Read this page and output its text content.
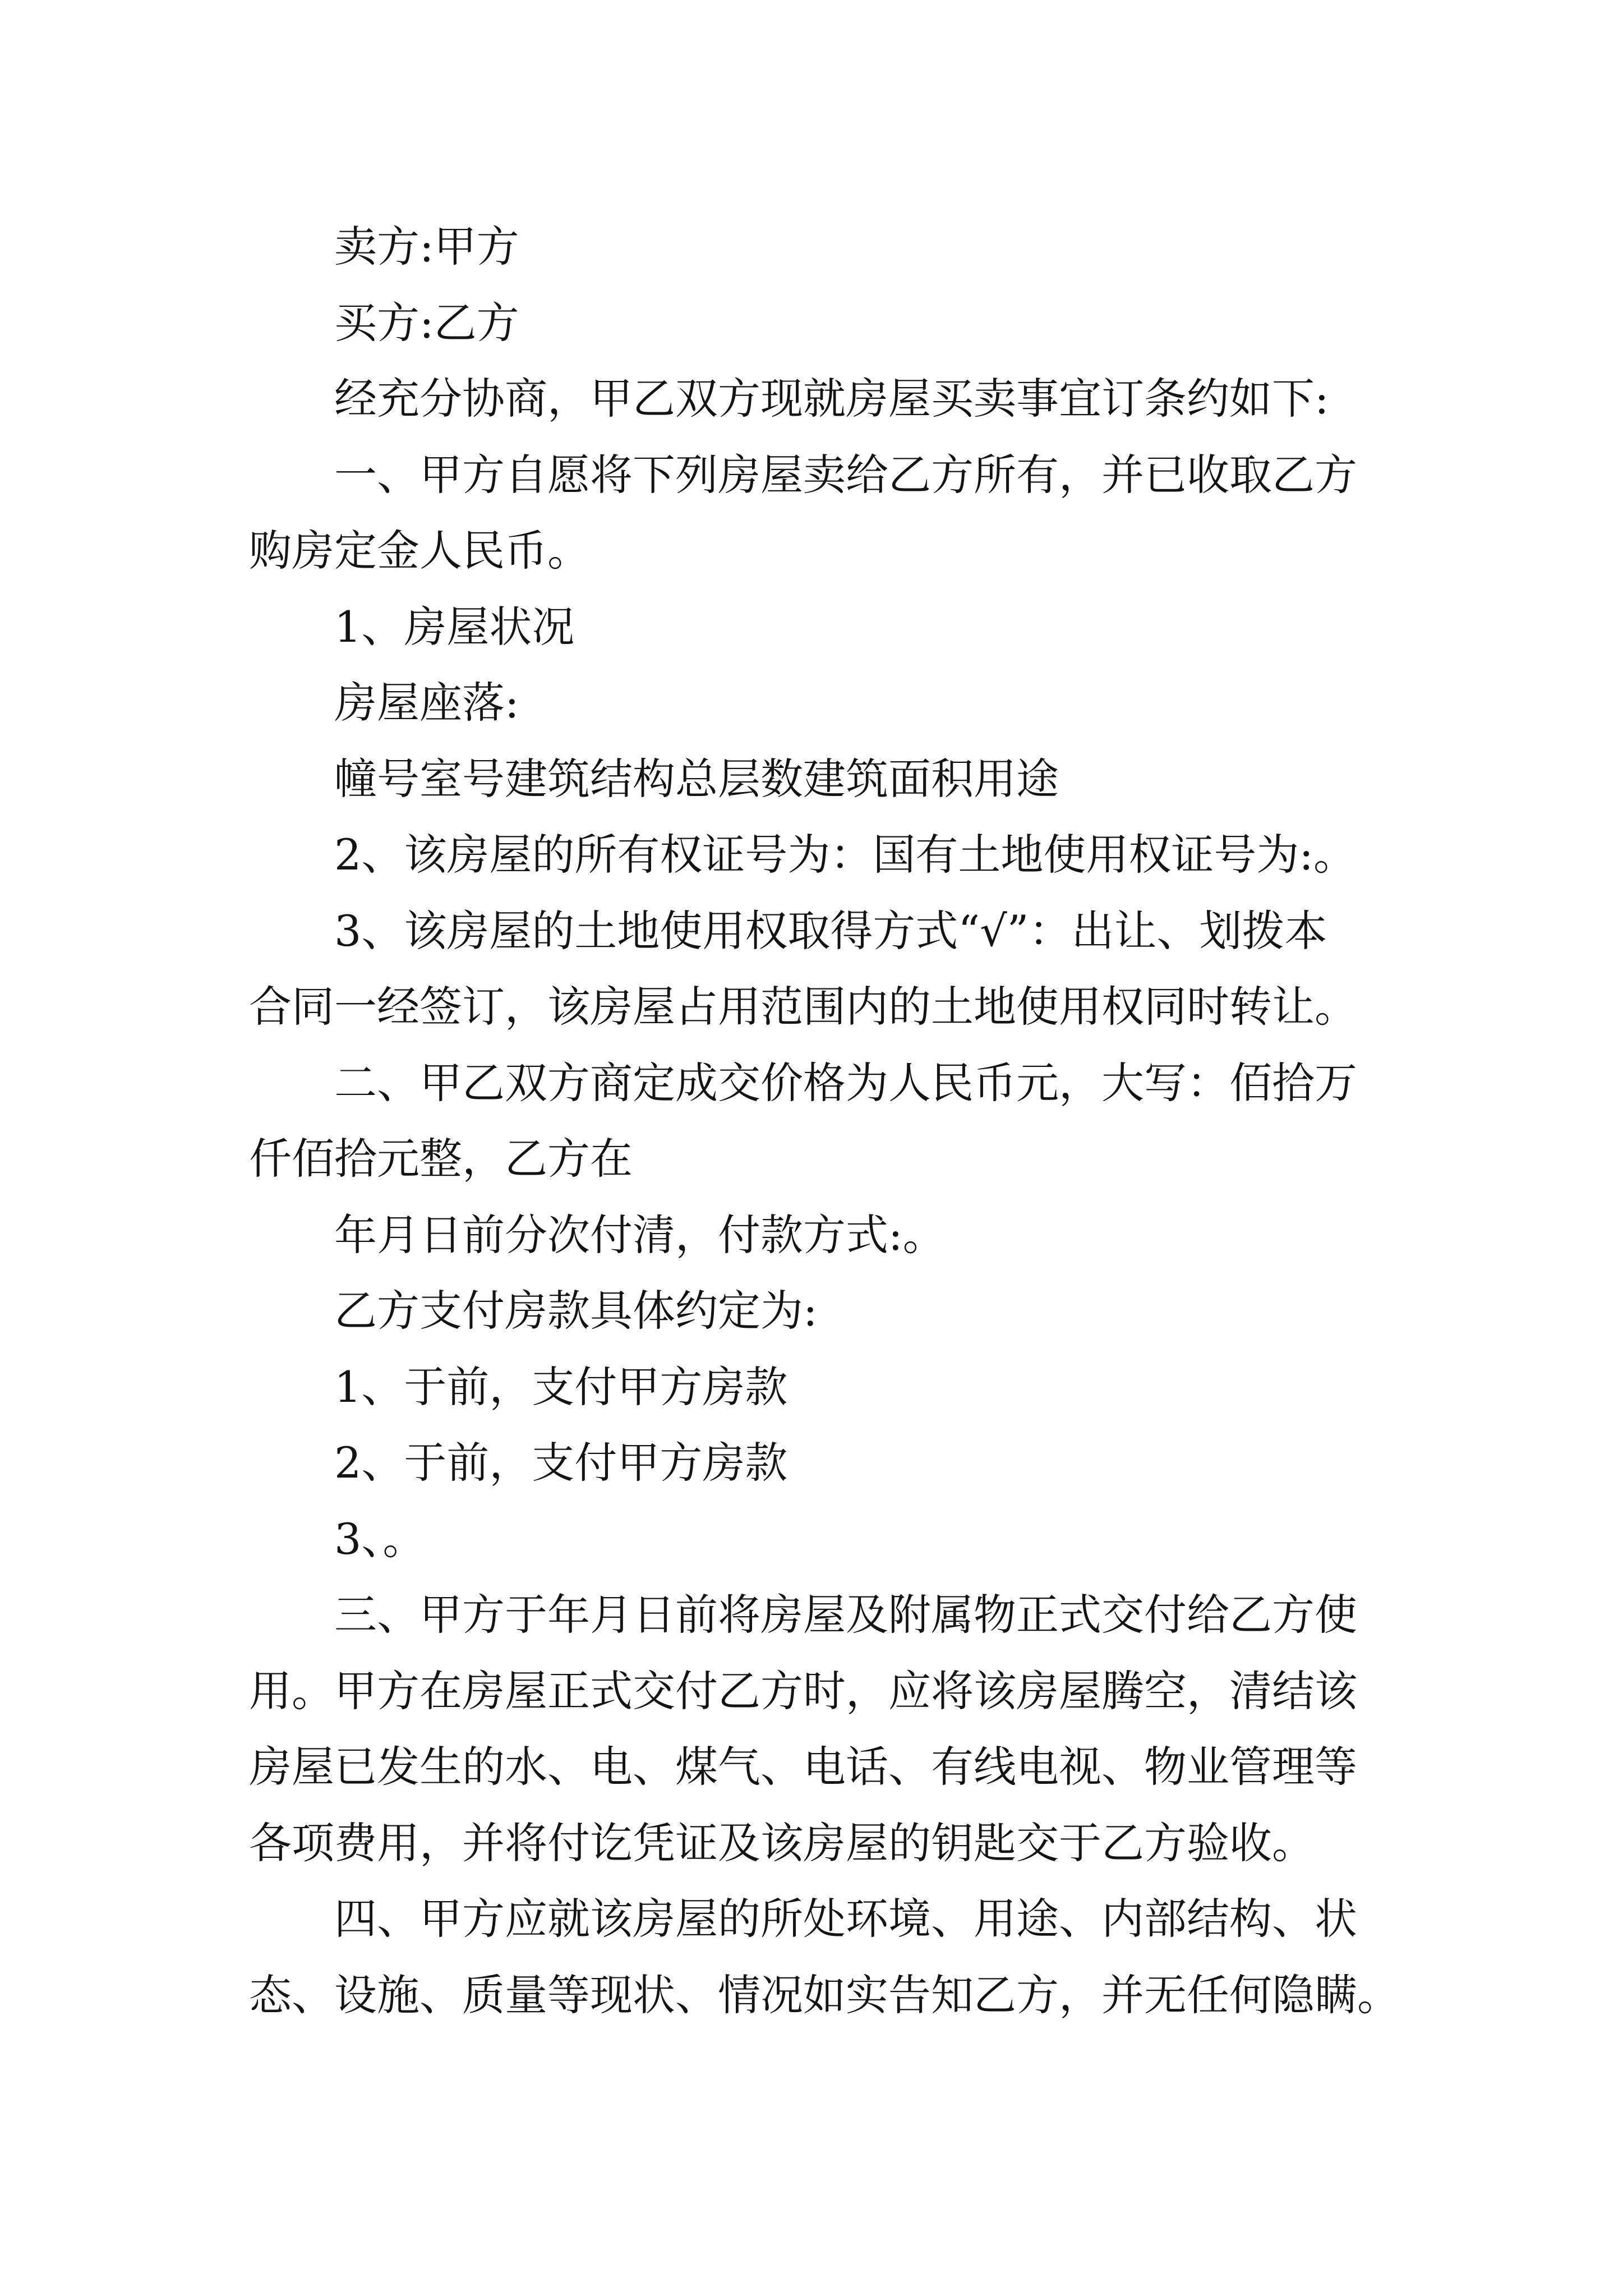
卖方:甲方
买方:乙方
经充分协商，甲乙双方现就房屋买卖事宜订条约如下:
一、甲方自愿将下列房屋卖给乙方所有，并已收取乙方
购房定金人民币。
1、房屋状况
房屋座落:
幢号室号建筑结构总层数建筑面积用途
2、该房屋的所有权证号为：国有土地使用权证号为:。
3、该房屋的土地使用权取得方式“√”：出让、划拨本
合同一经签订，该房屋占用范围内的土地使用权同时转让。
二、甲乙双方商定成交价格为人民币元，大写：佰拾万
仟佰拾元整，乙方在
年月日前分次付清，付款方式:。
乙方支付房款具体约定为:
1、于前，支付甲方房款
2、于前，支付甲方房款
3、。
三、甲方于年月日前将房屋及附属物正式交付给乙方使
用。甲方在房屋正式交付乙方时，应将该房屋腾空，清结该
房屋已发生的水、电、煤气、电话、有线电视、物业管理等
各项费用，并将付讫凭证及该房屋的钥匙交于乙方验收。
四、甲方应就该房屋的所处环境、用途、内部结构、状
态、设施、质量等现状、情况如实告知乙方，并无任何隐瞒。
